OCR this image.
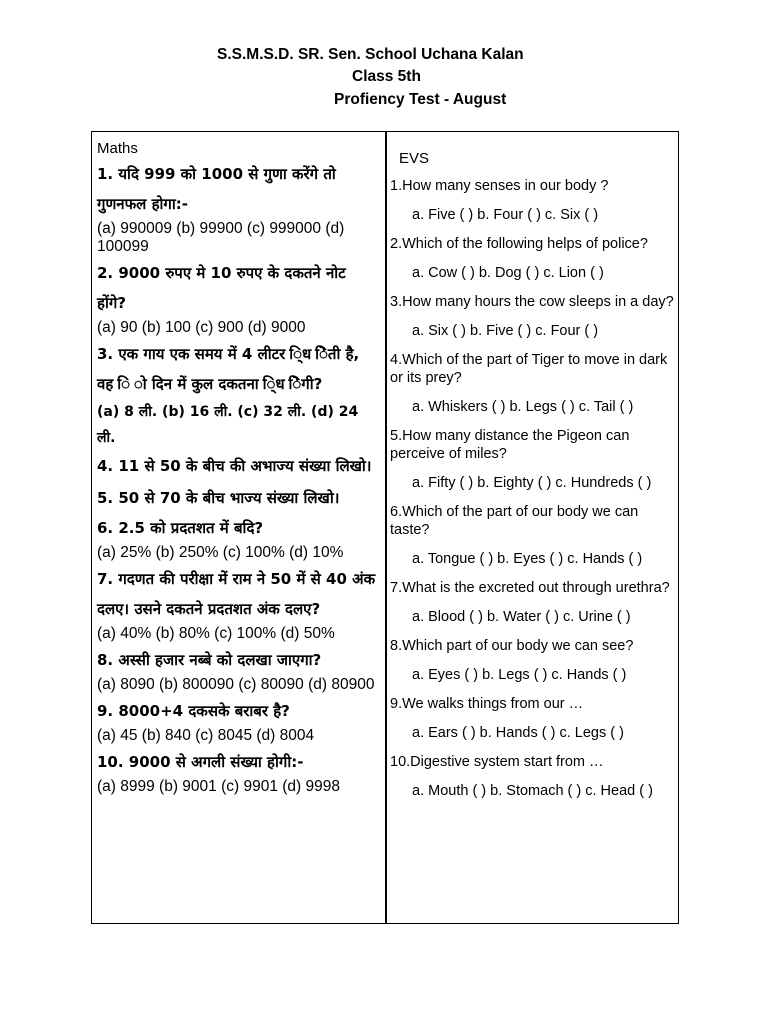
S.S.M.S.D. SR. Sen. School Uchana Kalan
Class 5th
Profiency Test - August
Maths
1. यदि 999 को 1000 से गुणा करेंगे तो गुणनफल होगा:-
(a) 990009 (b) 99900 (c) 999000 (d) 100099
2. 9000 रुपए मे 10 रुपए के दकतने नोट होंगे?
(a) 90 (b) 100 (c) 900 (d) 9000
3. एक गाय एक समय में 4 लीटर ि्ध िेती है, वह ि ो दिन में कुल दकतना ि्ध िेगी?
(a) 8 ली. (b) 16 ली. (c) 32 ली. (d) 24 ली.
4. 11 से 50 के बीच की अभाज्य संख्या लिखो।
5. 50 से 70 के बीच भाज्य संख्या लिखो।
6. 2.5 को प्रदतशत में बदि?
(a) 25% (b) 250% (c) 100% (d) 10%
7. गदणत की परीक्षा में राम ने 50 में से 40 अंक दलए। उसने दकतने प्रदतशत अंक दलए?
(a) 40% (b) 80% (c) 100% (d) 50%
8. अस्सी हजार नब्बे को दलखा जाएगा?
(a) 8090 (b) 800090 (c) 80090 (d) 80900
9. 8000+4 दकसके बराबर है?
(a) 45 (b) 840 (c) 8045 (d) 8004
10. 9000 से अगली संख्या होगी:-
(a) 8999 (b) 9001 (c) 9901 (d) 9998
EVS
1.How many senses in our body ?
a. Five ( ) b. Four ( ) c. Six ( )
2.Which of the following helps of police?
a. Cow ( ) b. Dog ( ) c. Lion ( )
3.How many hours the cow sleeps in a day?
a. Six ( ) b. Five ( ) c. Four ( )
4.Which of the part of Tiger to move in dark or its prey?
a. Whiskers ( ) b. Legs ( ) c. Tail ( )
5.How many distance the Pigeon can perceive of miles?
a. Fifty ( ) b. Eighty ( ) c. Hundreds ( )
6.Which of the part of our body we can taste?
a. Tongue ( ) b. Eyes ( ) c. Hands ( )
7.What is the excreted out through urethra?
a. Blood ( ) b. Water ( ) c. Urine ( )
8.Which part of our body we can see?
a. Eyes ( ) b. Legs ( ) c. Hands ( )
9.We walks things from our …
a. Ears ( ) b. Hands ( ) c. Legs ( )
10.Digestive system start from …
a. Mouth ( ) b. Stomach ( ) c. Head ( )
